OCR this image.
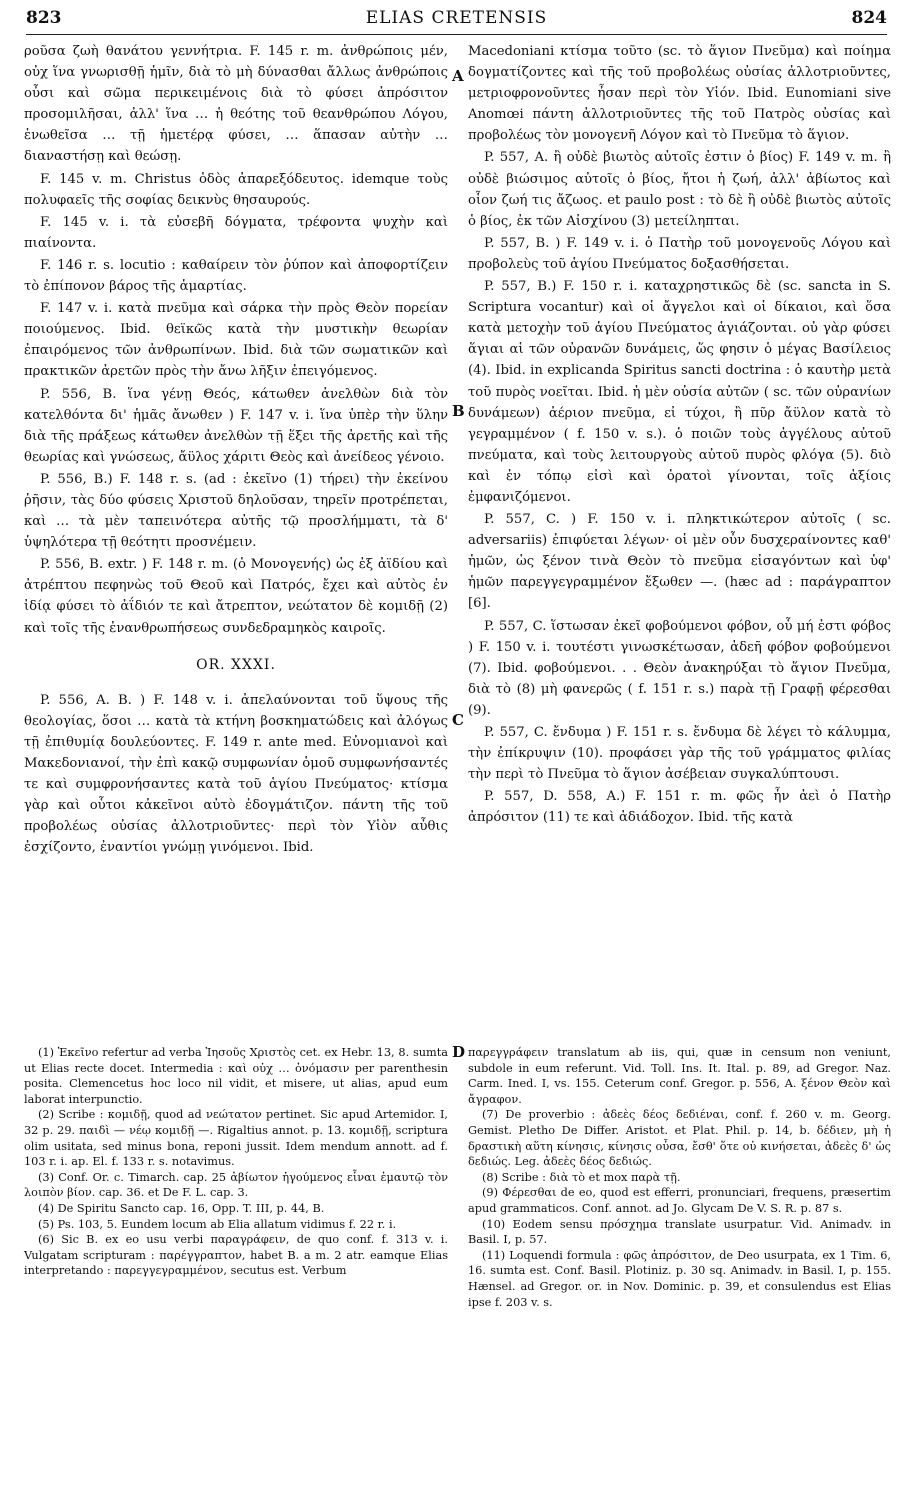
823	ELIAS CRETENSIS	824
A
B
C
D

ροῦσα ζωὴ θανάτου γεννήτρια. F. 145 r. m. ἀνθρώποις μέν, οὐχ ἵνα γνωρισθῇ ἡμῖν, διὰ τὸ μὴ δύνασθαι ἄλλως ἀνθρώποις οὖσι καὶ σῶμα περικειμένοις διὰ τὸ φύσει ἀπρόσιτον προσομιλῆσαι, ἀλλ' ἵνα … ἡ θεότης τοῦ θεανθρώπου Λόγου, ἑνωθεῖσα … τῇ ἡμετέρᾳ φύσει, … ἅπασαν αὐτὴν … διαναστήσῃ καὶ θεώσῃ.

F. 145 v. m. Christus ὁδὸς ἀπαρεξόδευτος. idemque τοὺς πολυφαεῖς τῆς σοφίας δεικνὺς θησαυρούς.

F. 145 v. i. τὰ εὐσεβῆ δόγματα, τρέφοντα ψυχὴν καὶ πιαίνοντα.

F. 146 r. s. locutio : καθαίρειν τὸν ῥύπον καὶ ἀποφορτίζειν τὸ ἐπίπονον βάρος τῆς ἁμαρτίας.

F. 147 v. i. κατὰ πνεῦμα καὶ σάρκα τὴν πρὸς Θεὸν πορείαν ποιούμενος. Ibid. θεϊκῶς κατὰ τὴν μυστικὴν θεωρίαν ἐπαιρόμενος τῶν ἀνθρωπίνων. Ibid. διὰ τῶν σωματικῶν καὶ πρακτικῶν ἀρετῶν πρὸς τὴν ἄνω λῆξιν ἐπειγόμενος.

P. 556, B. ἵνα γένῃ Θεός, κάτωθεν ἀνελθὼν διὰ τὸν κατελθόντα δι' ἡμᾶς ἄνωθεν ) F. 147 v. i. ἵνα ὑπὲρ τὴν ὕλην διὰ τῆς πράξεως κάτωθεν ἀνελθὼν τῇ ἕξει τῆς ἀρετῆς καὶ τῆς θεωρίας καὶ γνώσεως, ἄϋλος χάριτι Θεὸς καὶ ἀνείδεος γένοιο.

P. 556, B.) F. 148 r. s. (ad : ἐκεῖνο (1) τήρει) τὴν ἐκείνου ῥῆσιν, τὰς δύο φύσεις Χριστοῦ δηλοῦσαν, τηρεῖν προτρέπεται, καὶ … τὰ μὲν ταπεινότερα αὐτῆς τῷ προσλήμματι, τὰ δ' ὑψηλότερα τῇ θεότητι προσνέμειν.

P. 556, B. extr. ) F. 148 r. m. (ὁ Μονογενής) ὡς ἐξ ἀϊδίου καὶ ἀτρέπτου πεφηνὼς τοῦ Θεοῦ καὶ Πατρός, ἔχει καὶ αὐτὸς ἐν ἰδίᾳ φύσει τὸ ἀΐδιόν τε καὶ ἄτρεπτον, νεώτατον δὲ κομιδῇ (2) καὶ τοῖς τῆς ἐνανθρωπήσεως συνδεδραμηκὸς καιροῖς.

OR. XXXI.

P. 556, A. B. ) F. 148 v. i. ἀπελαύνονται τοῦ ὕψους τῆς θεολογίας, ὅσοι … κατὰ τὰ κτήνη βοσκηματώδεις καὶ ἀλόγως τῇ ἐπιθυμίᾳ δουλεύοντες. F. 149 r. ante med. Εὐνομιανοὶ καὶ Μακεδονιανοί, τὴν ἐπὶ κακῷ συμφωνίαν ὁμοῦ συμφωνήσαντές τε καὶ συμφρονήσαντες κατὰ τοῦ ἁγίου Πνεύματος· κτίσμα γὰρ καὶ οὗτοι κἀκεῖνοι αὐτὸ ἐδογμάτιζον. πάντη τῆς τοῦ προβολέως οὐσίας ἀλλοτριοῦντες· περὶ τὸν Υἱὸν αὖθις ἐσχίζοντο, ἐναντίοι γνώμῃ γινόμενοι. Ibid.

Macedoniani κτίσμα τοῦτο (sc. τὸ ἅγιον Πνεῦμα) καὶ ποίημα δογματίζοντες καὶ τῆς τοῦ προβολέως οὐσίας ἀλλοτριοῦντες, μετριοφρονοῦντες ἦσαν περὶ τὸν Υἱόν. Ibid. Eunomiani sive Anomœi πάντη ἀλλοτριοῦντες τῆς τοῦ Πατρὸς οὐσίας καὶ προβολέως τὸν μονογενῆ Λόγον καὶ τὸ Πνεῦμα τὸ ἅγιον.

P. 557, A. ἢ οὐδὲ βιωτὸς αὐτοῖς ἐστιν ὁ βίος) F. 149 v. m. ἢ οὐδὲ βιώσιμος αὐτοῖς ὁ βίος, ἤτοι ἡ ζωή, ἀλλ' ἀβίωτος καὶ οἷον ζωή τις ἄζωος. et paulo post : τὸ δὲ ἢ οὐδὲ βιωτὸς αὐτοῖς ὁ βίος, ἐκ τῶν Αἰσχίνου (3) μετείληπται.

P. 557, B. ) F. 149 v. i. ὁ Πατὴρ τοῦ μονογενοῦς Λόγου καὶ προβολεὺς τοῦ ἁγίου Πνεύματος δοξασθήσεται.

P. 557, B.) F. 150 r. i. καταχρηστικῶς δὲ (sc. sancta in S. Scriptura vocantur) καὶ οἱ ἄγγελοι καὶ οἱ δίκαιοι, καὶ ὅσα κατὰ μετοχὴν τοῦ ἁγίου Πνεύματος ἁγιάζονται. οὐ γὰρ φύσει ἅγιαι αἱ τῶν οὐρανῶν δυνάμεις, ὥς φησιν ὁ μέγας Βασίλειος (4). Ibid. in explicanda Spiritus sancti doctrina : ὁ καυτὴρ μετὰ τοῦ πυρὸς νοεῖται. Ibid. ἡ μὲν οὐσία αὐτῶν ( sc. τῶν οὐρανίων δυνάμεων) ἀέριον πνεῦμα, εἰ τύχοι, ἢ πῦρ ἄϋλον κατὰ τὸ γεγραμμένον ( f. 150 v. s.). ὁ ποιῶν τοὺς ἀγγέλους αὐτοῦ πνεύματα, καὶ τοὺς λειτουργοὺς αὐτοῦ πυρὸς φλόγα (5). διὸ καὶ ἐν τόπῳ εἰσὶ καὶ ὁρατοὶ γίνονται, τοῖς ἀξίοις ἐμφανιζόμενοι.

P. 557, C. ) F. 150 v. i. πληκτικώτερον αὐτοῖς ( sc. adversariis) ἐπιφύεται λέγων· οἱ μὲν οὖν δυσχεραίνοντες καθ' ἡμῶν, ὡς ξένον τινὰ Θεὸν τὸ πνεῦμα εἰσαγόντων καὶ ὑφ' ἡμῶν παρεγγεγραμμένον ἔξωθεν —. (hæc ad : παράγραπτον [6].

P. 557, C. ἵστωσαν ἐκεῖ φοβούμενοι φόβον, οὗ μή ἐστι φόβος ) F. 150 v. i. τουτέστι γινωσκέτωσαν, ἀδεῆ φόβον φοβούμενοι (7). Ibid. φοβούμενοι. . . Θεὸν ἀνακηρύξαι τὸ ἅγιον Πνεῦμα, διὰ τὸ (8) μὴ φανερῶς ( f. 151 r. s.) παρὰ τῇ Γραφῇ φέρεσθαι (9).

P. 557, C. ἔνδυμα ) F. 151 r. s. ἔνδυμα δὲ λέγει τὸ κάλυμμα, τὴν ἐπίκρυψιν (10). προφάσει γὰρ τῆς τοῦ γράμματος φιλίας τὴν περὶ τὸ Πνεῦμα τὸ ἅγιον ἀσέβειαν συγκαλύπτουσι.

P. 557, D. 558, A.) F. 151 r. m. φῶς ἦν ἀεὶ ὁ Πατὴρ ἀπρόσιτον (11) τε καὶ ἀδιάδοχον. Ibid. τῆς κατὰ

(1) Ἐκεῖνο refertur ad verba Ἰησοῦς Χριστὸς cet. ex Hebr. 13, 8. sumta ut Elias recte docet. Intermedia : καὶ οὐχ … ὀνόμασιν per parenthesin posita. Clemencetus hoc loco nil vidit, et misere, ut alias, apud eum laborat interpunctio.

(2) Scribe : κομιδῇ, quod ad νεώτατον pertinet. Sic apud Artemidor. I, 32 p. 29. παιδὶ — νέῳ κομιδῇ —. Rigaltius annot. p. 13. κομιδῇ, scriptura olim usitata, sed minus bona, reponi jussit. Idem mendum annott. ad f. 103 r. i. ap. El. f. 133 r. s. notavimus.

(3) Conf. Or. c. Timarch. cap. 25 ἀβίωτον ἡγούμενος εἶναι ἐμαυτῷ τὸν λοιπὸν βίον. cap. 36. et De F. L. cap. 3.

(4) De Spiritu Sancto cap. 16, Opp. T. III, p. 44, B.

(5) Ps. 103, 5. Eundem locum ab Elia allatum vidimus f. 22 r. i.

(6) Sic B. ex eo usu verbi παραγράφειν, de quo conf. f. 313 v. i. Vulgatam scripturam : παρέγγραπτον, habet B. a m. 2 atr. eamque Elias interpretando : παρεγγεγραμμένον, secutus est. Verbum

παρεγγράφειν translatum ab iis, qui, quæ in censum non veniunt, subdole in eum referunt. Vid. Toll. Ins. It. Ital. p. 89, ad Gregor. Naz. Carm. Ined. I, vs. 155. Ceterum conf. Gregor. p. 556, A. ξένον Θεὸν καὶ ἄγραφον.

(7) De proverbio : ἀδεὲς δέος δεδιέναι, conf. f. 260 v. m. Georg. Gemist. Pletho De Differ. Aristot. et Plat. Phil. p. 14, b. δέδιεν, μὴ ἡ δραστικὴ αὕτη κίνησις, κίνησις οὖσα, ἔσθ' ὅτε οὐ κινήσεται, ἀδεὲς δ' ὡς δεδιώς. Leg. ἀδεὲς δέος δεδιώς.

(8) Scribe : διὰ τὸ et mox παρὰ τῇ.

(9) Φέρεσθαι de eo, quod est efferri, pronunciari, frequens, præsertim apud grammaticos. Conf. annot. ad Jo. Glycam De V. S. R. p. 87 s.

(10) Eodem sensu πρόσχημα translate usurpatur. Vid. Animadv. in Basil. I, p. 57.

(11) Loquendi formula : φῶς ἀπρόσιτον, de Deo usurpata, ex 1 Tim. 6, 16. sumta est. Conf. Basil. Plotiniz. p. 30 sq. Animadv. in Basil. I, p. 155. Hænsel. ad Gregor. or. in Nov. Dominic. p. 39, et consulendus est Elias ipse f. 203 v. s.
